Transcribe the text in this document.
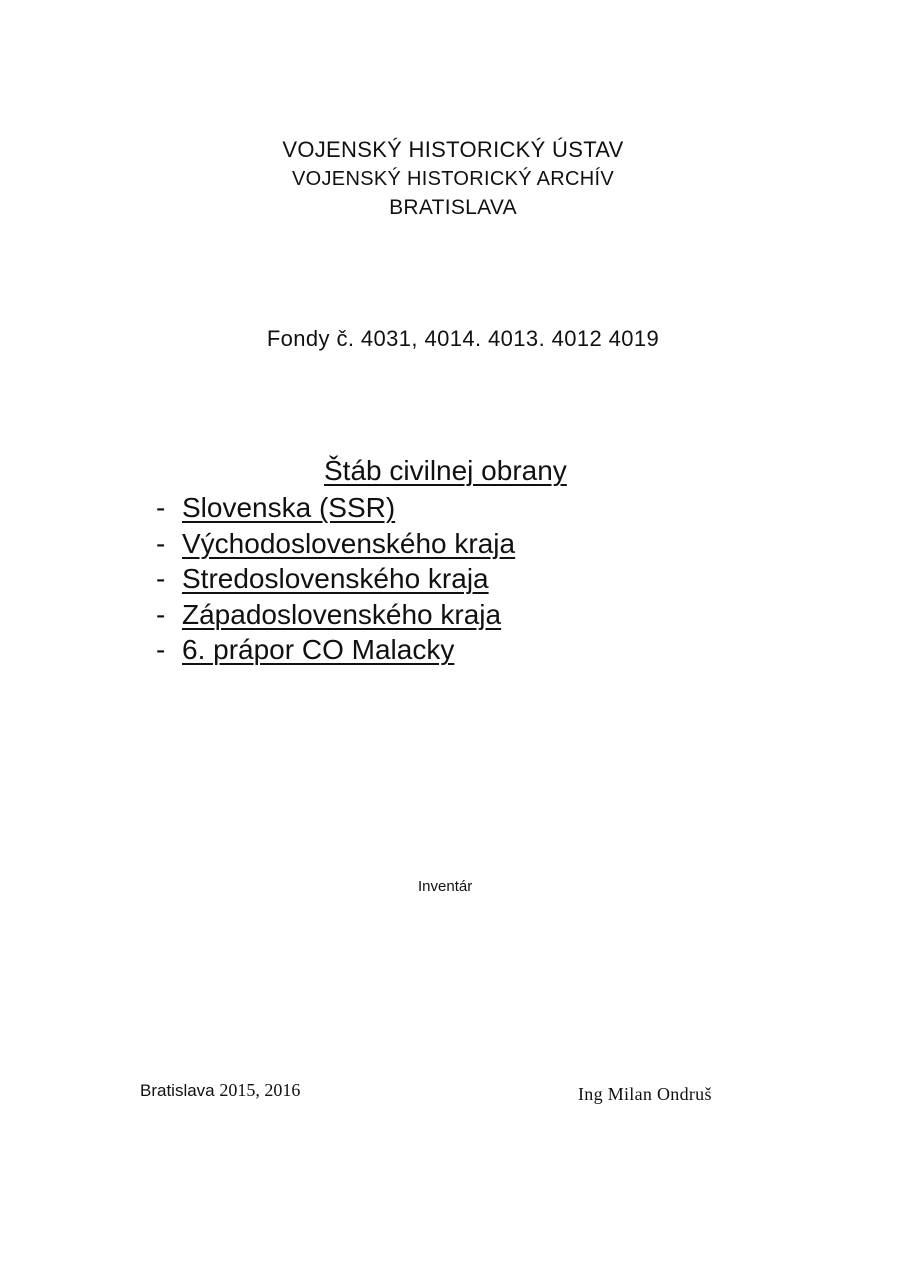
VOJENSKÝ HISTORICKÝ ÚSTAV
VOJENSKÝ HISTORICKÝ ARCHÍV
BRATISLAVA
Fondy č. 4031, 4014. 4013. 4012 4019
Štáb civilnej obrany
- Slovenska (SSR)
- Východoslovenského kraja
- Stredoslovenského kraja
- Západoslovenského kraja
- 6. prápor CO Malacky
Inventár
Bratislava 2015, 2016	Ing Milan Ondruš
